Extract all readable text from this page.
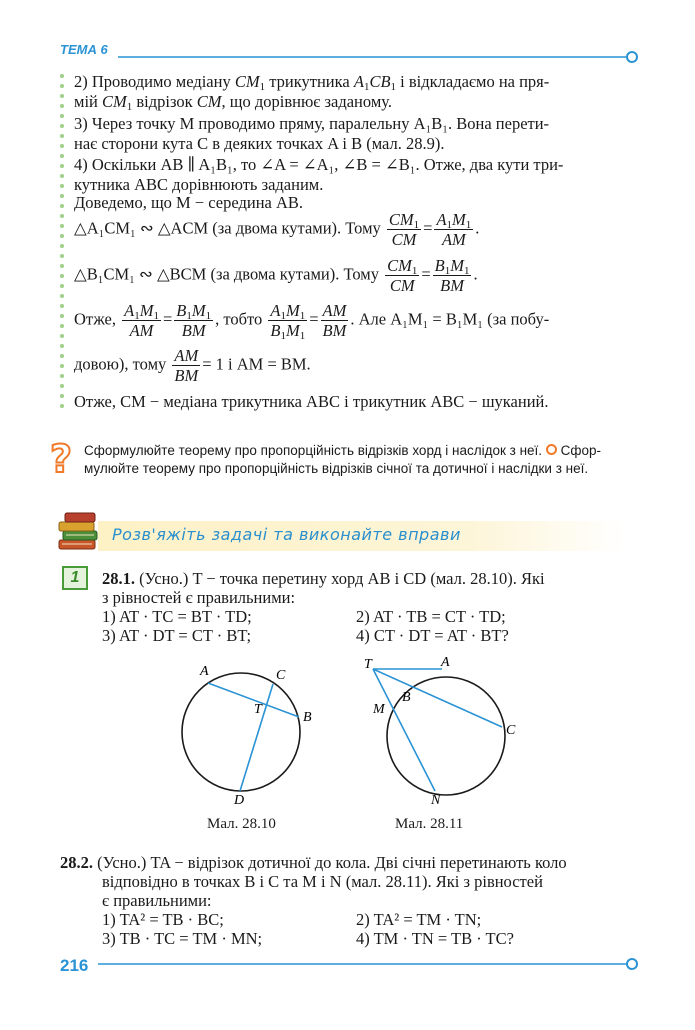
ТЕМА 6
2) Проводимо медіану $CM_1$ трикутника $A_1CB_1$ і відкладаємо на пря-
мій $CM_1$ відрізок CM, що дорівнює заданому.
3) Через точку M проводимо пряму, паралельну A₁B₁. Вона перети-
нає сторони кута C в деяких точках A і B (мал. 28.9).
4) Оскільки AB ∥ A₁B₁, то ∠A = ∠A₁, ∠B = ∠B₁. Отже, два кути три-
кутника ABC дорівнюють заданим.
Доведемо, що M − середина AB.
△A₁CM₁ ∾ △ACM (за двома кутами). Тому $\frac{CM_1}{CM} = \frac{A_1M_1}{AM}$ .
△B₁CM₁ ∾ △BCM (за двома кутами). Тому $\frac{CM_1}{CM} = \frac{B_1M_1}{BM}$ .
Отже, $\frac{A_1M_1}{AM} = \frac{B_1M_1}{BM}$ , тобто $\frac{A_1M_1}{B_1M_1} = \frac{AM}{BM}$ . Але A₁M₁ = B₁M₁ (за побу-
довою), тому $\frac{AM}{BM} = 1$ і AM = BM.
Отже, CM − медіана трикутника ABC і трикутник ABC − шуканий.
? Сформулюйте теорему про пропорційність відрізків хорд і наслідок з неї. Сфор-
мулюйте теорему про пропорційність відрізків січної та дотичної і наслідки з неї.
Розв'яжіть задачі та виконайте вправи
1	28.1. (Усно.) T − точка перетину хорд AB і CD (мал. 28.10). Які
з рівностей є правильними:
1) AT · TC = BT · TD;	2) AT · TB = CT · TD;
3) AT · DT = CT · BT;	4) CT · DT = AT · BT?
A	C
T
B
D
Мал. 28.10
T	A
B
M
C
N
Мал. 28.11
28.2. (Усно.) TA − відрізок дотичної до кола. Дві січні перетинають коло
відповідно в точках B і C та M і N (мал. 28.11). Які з рівностей
є правильними:
1) TA² = TB · BC;	2) TA² = TM · TN;
3) TB · TC = TM · MN;	4) TM · TN = TB · TC?
216
